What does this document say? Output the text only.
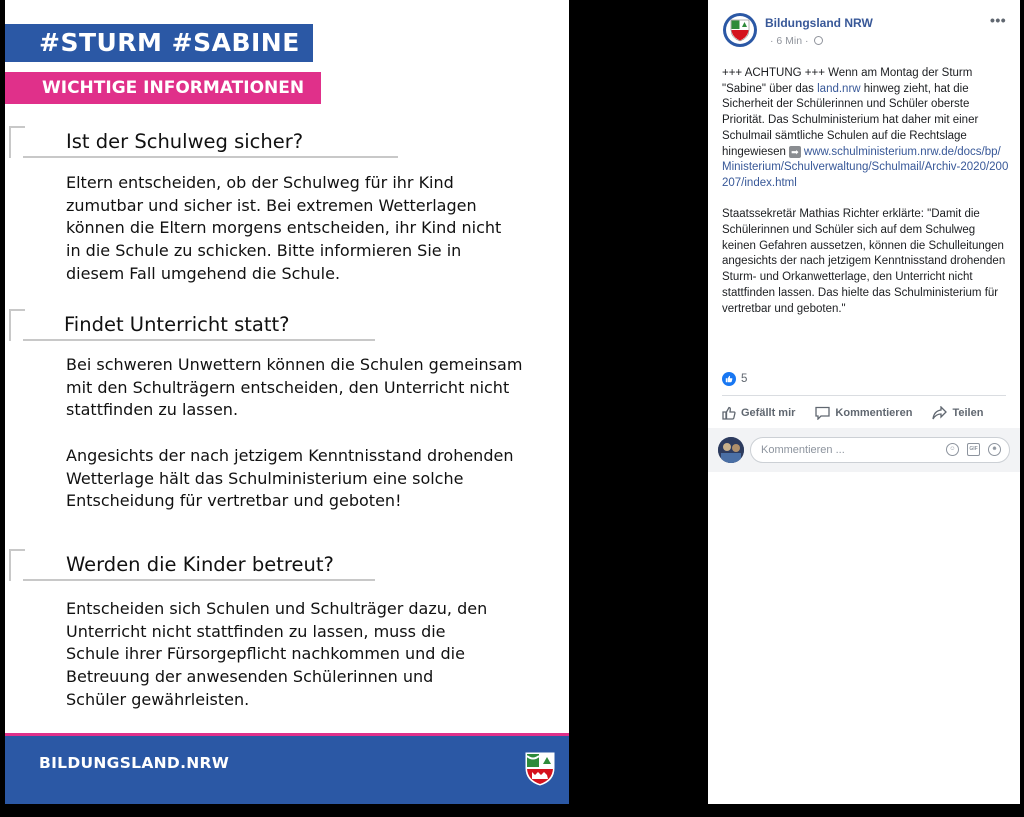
#STURM #SABINE
WICHTIGE INFORMATIONEN
Ist der Schulweg sicher?
Eltern entscheiden, ob der Schulweg für ihr Kind
zumutbar und sicher ist. Bei extremen Wetterlagen
können die Eltern morgens entscheiden, ihr Kind nicht
in die Schule zu schicken. Bitte informieren Sie in
diesem Fall umgehend die Schule.
Findet Unterricht statt?
Bei schweren Unwettern können die Schulen gemeinsam
mit den Schulträgern entscheiden, den Unterricht nicht
stattfinden zu lassen.
Angesichts der nach jetzigem Kenntnisstand drohenden
Wetterlage hält das Schulministerium eine solche
Entscheidung für vertretbar und geboten!
Werden die Kinder betreut?
Entscheiden sich Schulen und Schulträger dazu, den
Unterricht nicht stattfinden zu lassen, muss die
Schule ihrer Fürsorgepflicht nachkommen und die
Betreuung der anwesenden Schülerinnen und
Schüler gewährleisten.
BILDUNGSLAND.NRW
Bildungsland NRW
· 6 Min ·
•••

+++ ACHTUNG +++ Wenn am Montag der Sturm "Sabine" über das land.nrw hinweg zieht, hat die Sicherheit der Schülerinnen und Schüler oberste Priorität. Das Schulministerium hat daher mit einer Schulmail sämtliche Schulen auf die Rechtslage hingewiesen ➡ www.schulministerium.nrw.de/docs/bp/Ministerium/Schulverwaltung/Schulmail/Archiv-2020/200207/index.html

Staatssekretär Mathias Richter erklärte: "Damit die Schülerinnen und Schüler sich auf dem Schulweg keinen Gefahren aussetzen, können die Schulleitungen angesichts der nach jetzigem Kenntnisstand drohenden Sturm- und Orkanwetterlage, den Unterricht nicht stattfinden lassen. Das hielte das Schulministerium für vertretbar und geboten."

5
Gefällt mir	Kommentieren	Teilen
Kommentieren ...	☺	GIF	☻
